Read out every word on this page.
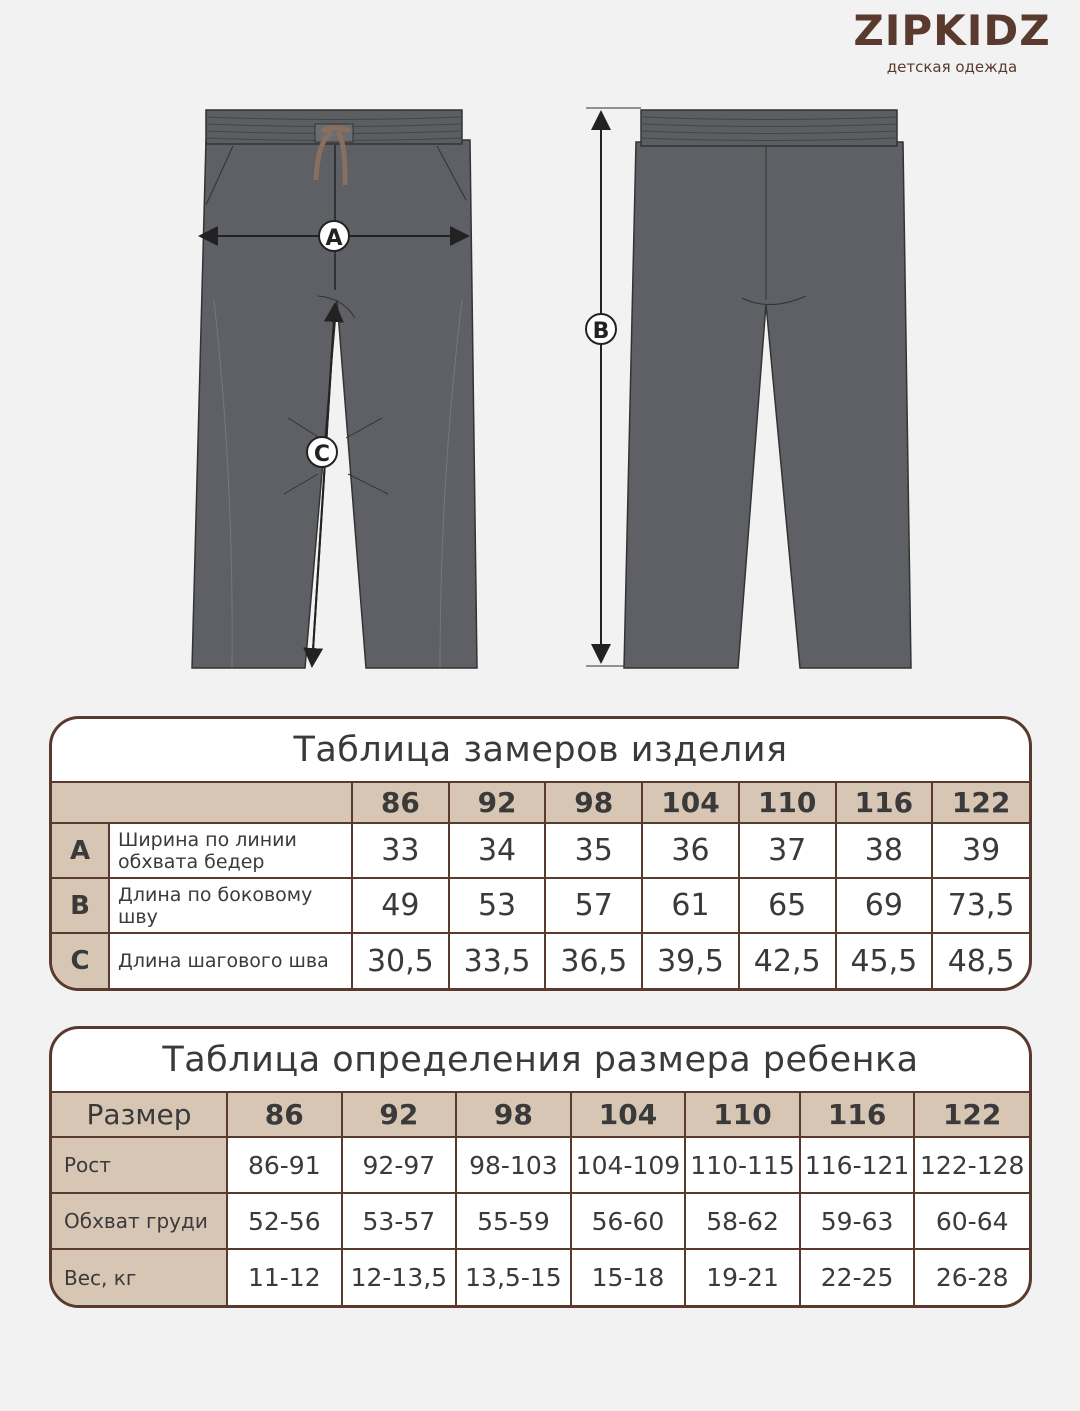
ZIPKIDZ
детская одежда
A
B
C
Таблица замеров изделия
		86	92	98	104	110	116	122
A	Ширина по линии обхвата бедер	33	34	35	36	37	38	39
B	Длина по боковому шву	49	53	57	61	65	69	73,5
C	Длина шагового шва	30,5	33,5	36,5	39,5	42,5	45,5	48,5
Таблица определения размера ребенка
Размер	86	92	98	104	110	116	122
Рост	86-91	92-97	98-103	104-109	110-115	116-121	122-128
Обхват груди	52-56	53-57	55-59	56-60	58-62	59-63	60-64
Вес, кг	11-12	12-13,5	13,5-15	15-18	19-21	22-25	26-28
